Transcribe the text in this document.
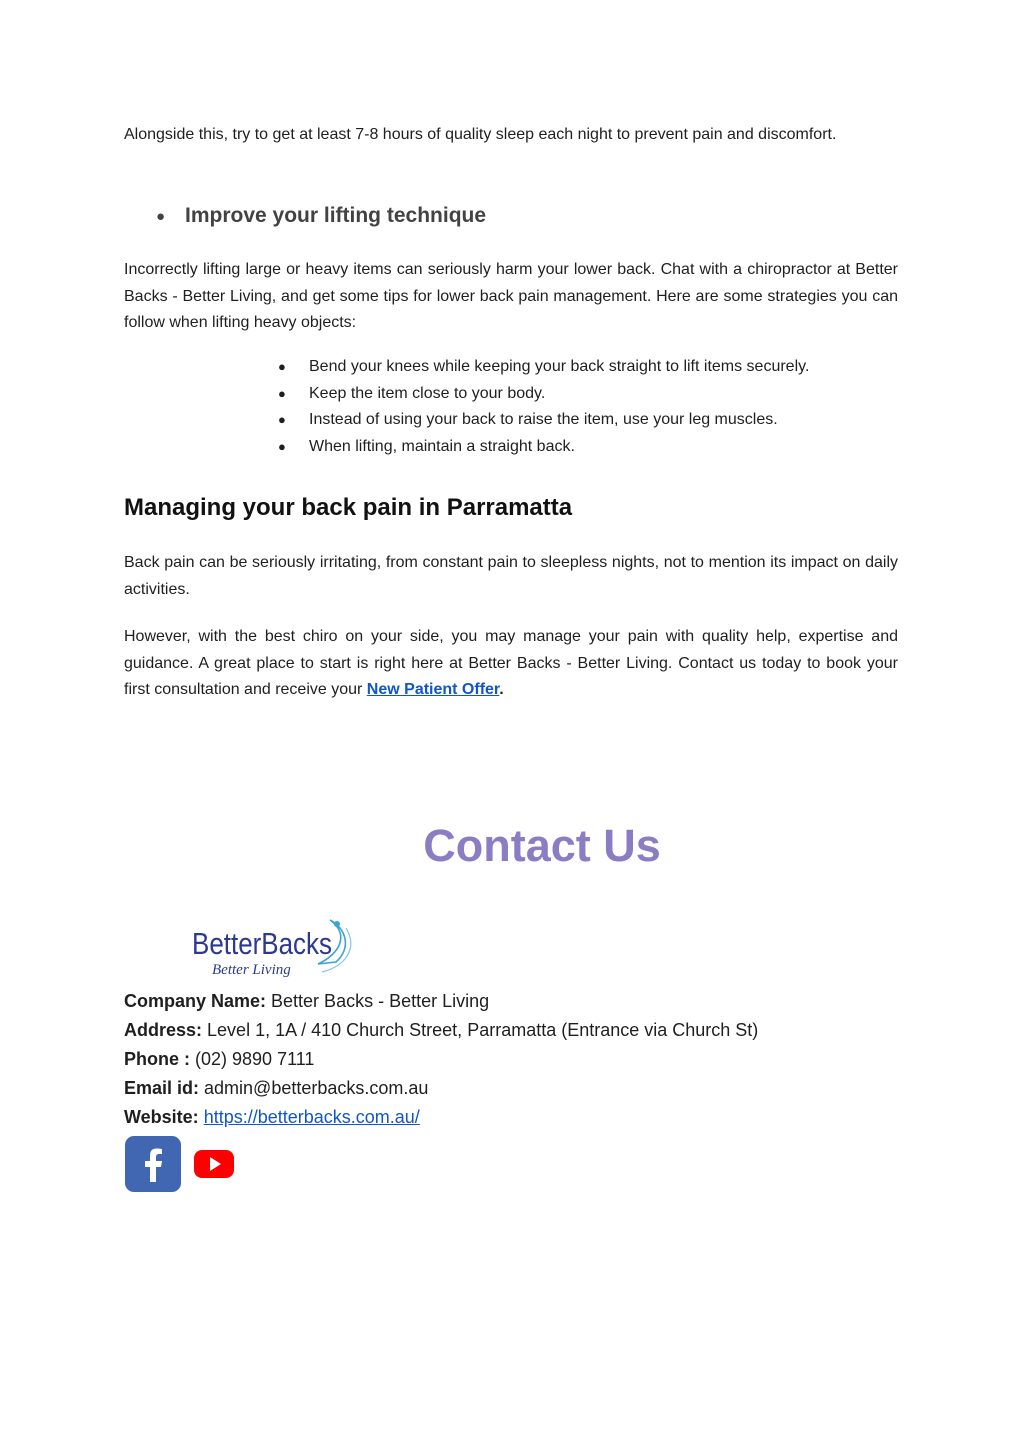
Alongside this, try to get at least 7-8 hours of quality sleep each night to prevent pain and discomfort.

● Improve your lifting technique

Incorrectly lifting large or heavy items can seriously harm your lower back. Chat with a chiropractor at Better Backs - Better Living, and get some tips for lower back pain management. Here are some strategies you can follow when lifting heavy objects:

●	Bend your knees while keeping your back straight to lift items securely.
●	Keep the item close to your body.
●	Instead of using your back to raise the item, use your leg muscles.
●	When lifting, maintain a straight back.
Managing your back pain in Parramatta

Back pain can be seriously irritating, from constant pain to sleepless nights, not to mention its impact on daily activities.

However, with the best chiro on your side, you may manage your pain with quality help, expertise and guidance. A great place to start is right here at Better Backs - Better Living. Contact us today to book your first consultation and receive your New Patient Offer.

Contact Us
BetterBacks
Better Living
Company Name: Better Backs - Better Living
Address: Level 1, 1A / 410 Church Street, Parramatta (Entrance via Church St)
Phone : (02) 9890 7111
Email id: admin@betterbacks.com.au
Website: https://betterbacks.com.au/
